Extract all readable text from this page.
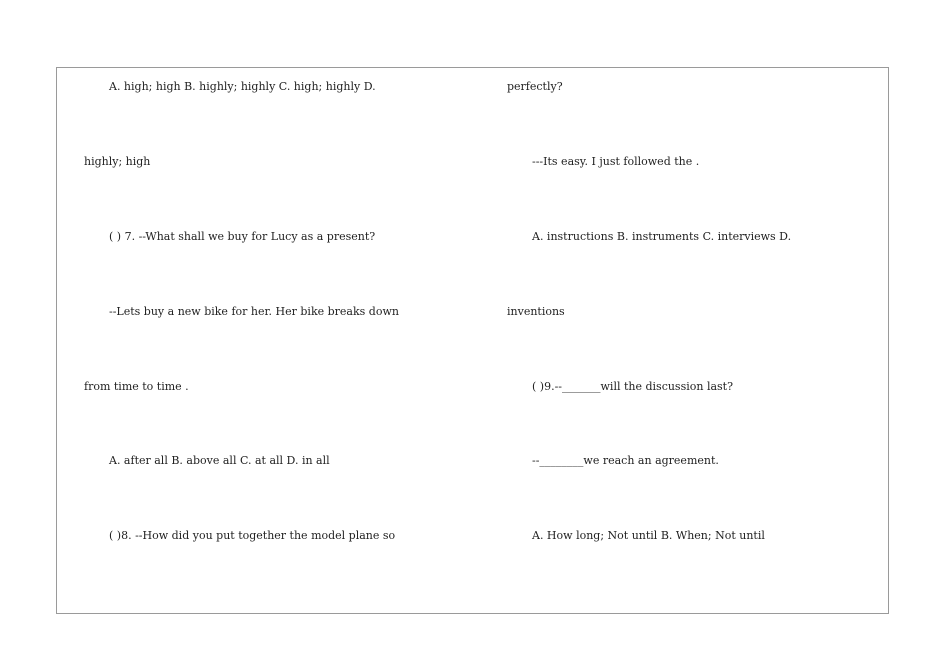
A. high; high B. highly; highly C. high; highly D.
highly; high
( ) 7. --What shall we buy for Lucy as a present?
--Lets buy a new bike for her. Her bike breaks down
from time to time .
A. after all B. above all C. at all D. in all
( )8. --How did you put together the model plane so
perfectly?
---Its easy. I just followed the .
A. instructions B. instruments C. interviews D.
inventions
( )9.--_______will the discussion last?
--________we reach an agreement.
A. How long; Not until B. When; Not until
